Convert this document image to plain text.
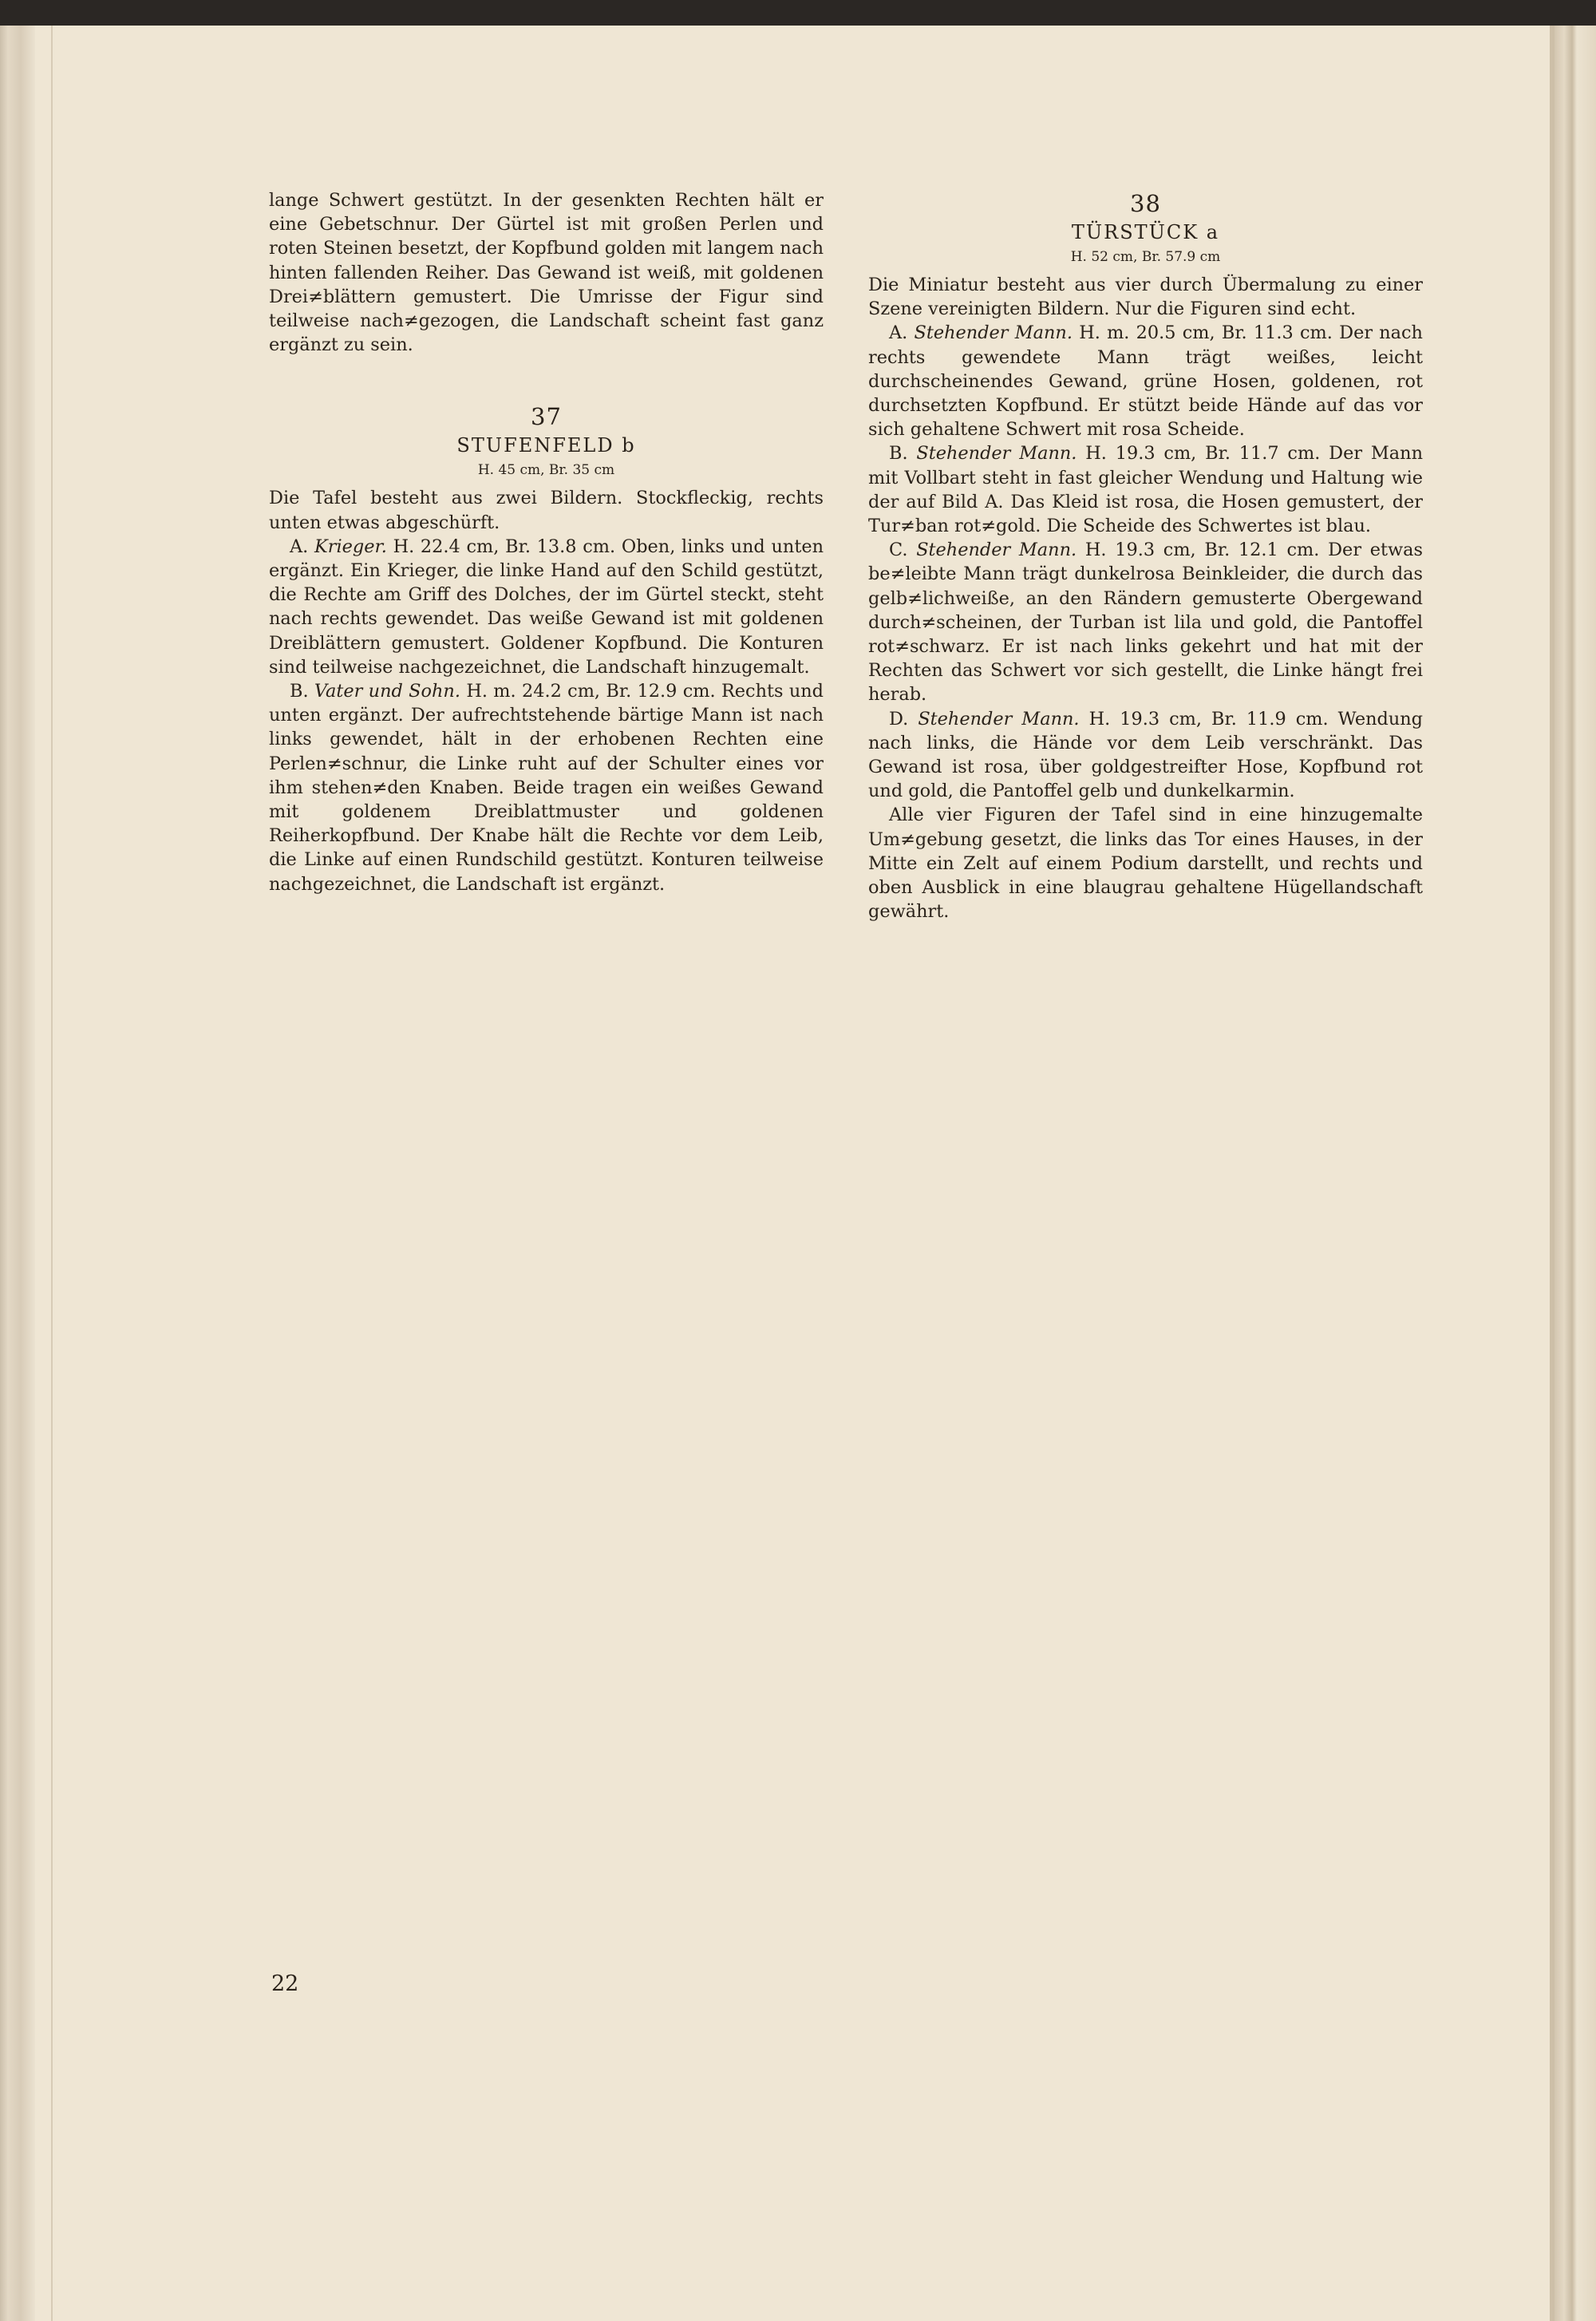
lange Schwert gestützt. In der gesenkten Rechten hält er eine Gebetschnur. Der Gürtel ist mit großen Perlen und roten Steinen besetzt, der Kopfbund golden mit langem nach hinten fallenden Reiher. Das Gewand ist weiß, mit goldenen Drei≠blättern gemustert. Die Umrisse der Figur sind teilweise nach≠gezogen, die Landschaft scheint fast ganz ergänzt zu sein.

37

STUFENFELD b

H. 45 cm, Br. 35 cm

Die Tafel besteht aus zwei Bildern. Stockfleckig, rechts unten etwas abgeschürft.

A. Krieger. H. 22.4 cm, Br. 13.8 cm. Oben, links und unten ergänzt. Ein Krieger, die linke Hand auf den Schild gestützt, die Rechte am Griff des Dolches, der im Gürtel steckt, steht nach rechts gewendet. Das weiße Gewand ist mit goldenen Dreiblättern gemustert. Goldener Kopfbund. Die Konturen sind teilweise nachgezeichnet, die Landschaft hinzugemalt.

B. Vater und Sohn. H. m. 24.2 cm, Br. 12.9 cm. Rechts und unten ergänzt. Der aufrechtstehende bärtige Mann ist nach links gewendet, hält in der erhobenen Rechten eine Perlen≠schnur, die Linke ruht auf der Schulter eines vor ihm stehen≠den Knaben. Beide tragen ein weißes Gewand mit goldenem Dreiblattmuster und goldenen Reiherkopfbund. Der Knabe hält die Rechte vor dem Leib, die Linke auf einen Rundschild gestützt. Konturen teilweise nachgezeichnet, die Landschaft ist ergänzt.

38

TÜRSTÜCK a

H. 52 cm, Br. 57.9 cm

Die Miniatur besteht aus vier durch Übermalung zu einer Szene vereinigten Bildern. Nur die Figuren sind echt.

A. Stehender Mann. H. m. 20.5 cm, Br. 11.3 cm. Der nach rechts gewendete Mann trägt weißes, leicht durchscheinendes Gewand, grüne Hosen, goldenen, rot durchsetzten Kopfbund. Er stützt beide Hände auf das vor sich gehaltene Schwert mit rosa Scheide.

B. Stehender Mann. H. 19.3 cm, Br. 11.7 cm. Der Mann mit Vollbart steht in fast gleicher Wendung und Haltung wie der auf Bild A. Das Kleid ist rosa, die Hosen gemustert, der Tur≠ban rot≠gold. Die Scheide des Schwertes ist blau.

C. Stehender Mann. H. 19.3 cm, Br. 12.1 cm. Der etwas be≠leibte Mann trägt dunkelrosa Beinkleider, die durch das gelb≠lichweiße, an den Rändern gemusterte Obergewand durch≠scheinen, der Turban ist lila und gold, die Pantoffel rot≠schwarz. Er ist nach links gekehrt und hat mit der Rechten das Schwert vor sich gestellt, die Linke hängt frei herab.

D. Stehender Mann. H. 19.3 cm, Br. 11.9 cm. Wendung nach links, die Hände vor dem Leib verschränkt. Das Gewand ist rosa, über goldgestreifter Hose, Kopfbund rot und gold, die Pantoffel gelb und dunkelkarmin.

Alle vier Figuren der Tafel sind in eine hinzugemalte Um≠gebung gesetzt, die links das Tor eines Hauses, in der Mitte ein Zelt auf einem Podium darstellt, und rechts und oben Ausblick in eine blaugrau gehaltene Hügellandschaft gewährt.

22
